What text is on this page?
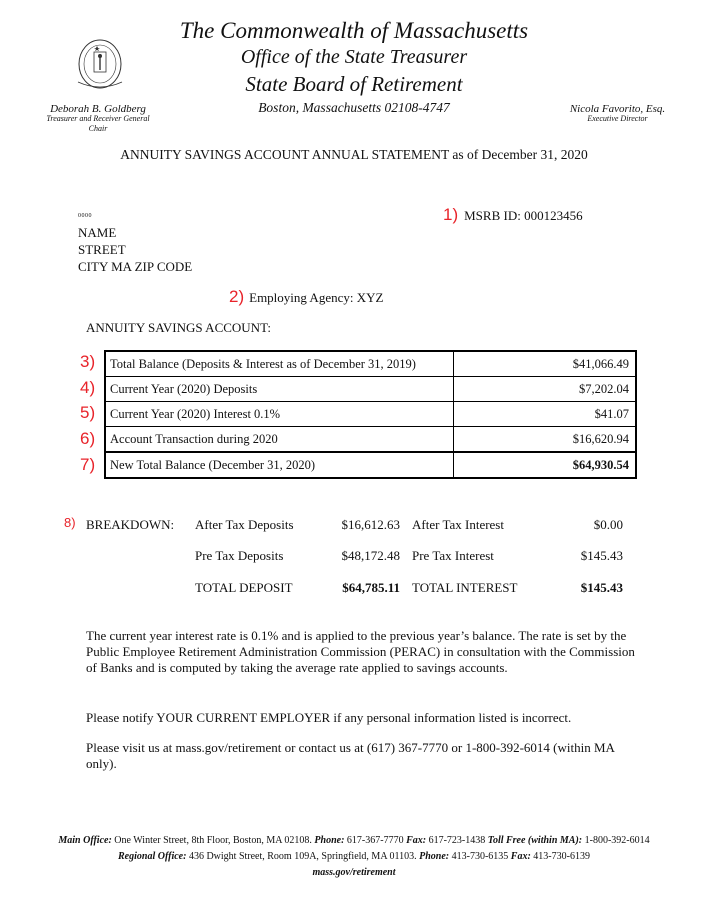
The Commonwealth of Massachusetts
Office of the State Treasurer
State Board of Retirement
Boston, Massachusetts 02108-4747
Deborah B. Goldberg
Treasurer and Receiver General
Chair
Nicola Favorito, Esq.
Executive Director
ANNUITY SAVINGS ACCOUNT ANNUAL STATEMENT as of December 31, 2020
1) MSRB ID: 000123456
0000
NAME
STREET
CITY MA ZIP CODE
2) Employing Agency: XYZ
ANNUITY SAVINGS ACCOUNT:
3)
4)
5)
6)
7)
Total Balance (Deposits & Interest as of December 31, 2019)	$41,066.49
Current Year (2020) Deposits	$7,202.04
Current Year (2020) Interest 0.1%	$41.07
Account Transaction during 2020	$16,620.94
New Total Balance (December 31, 2020)	$64,930.54
8) BREAKDOWN: After Tax Deposits	$16,612.63 After Tax Interest	$0.00
Pre Tax Deposits	$48,172.48 Pre Tax Interest	$145.43
TOTAL DEPOSIT	$64,785.11 TOTAL INTEREST	$145.43
The current year interest rate is 0.1% and is applied to the previous year’s balance. The rate is set by the Public Employee Retirement Administration Commission (PERAC) in consultation with the Commission of Banks and is computed by taking the average rate applied to savings accounts.
Please notify YOUR CURRENT EMPLOYER if any personal information listed is incorrect.
Please visit us at mass.gov/retirement or contact us at (617) 367-7770 or 1-800-392-6014 (within MA only).
Main Office: One Winter Street, 8th Floor, Boston, MA 02108. Phone: 617-367-7770 Fax: 617-723-1438 Toll Free (within MA): 1-800-392-6014
Regional Office: 436 Dwight Street, Room 109A, Springfield, MA 01103. Phone: 413-730-6135 Fax: 413-730-6139
mass.gov/retirement
